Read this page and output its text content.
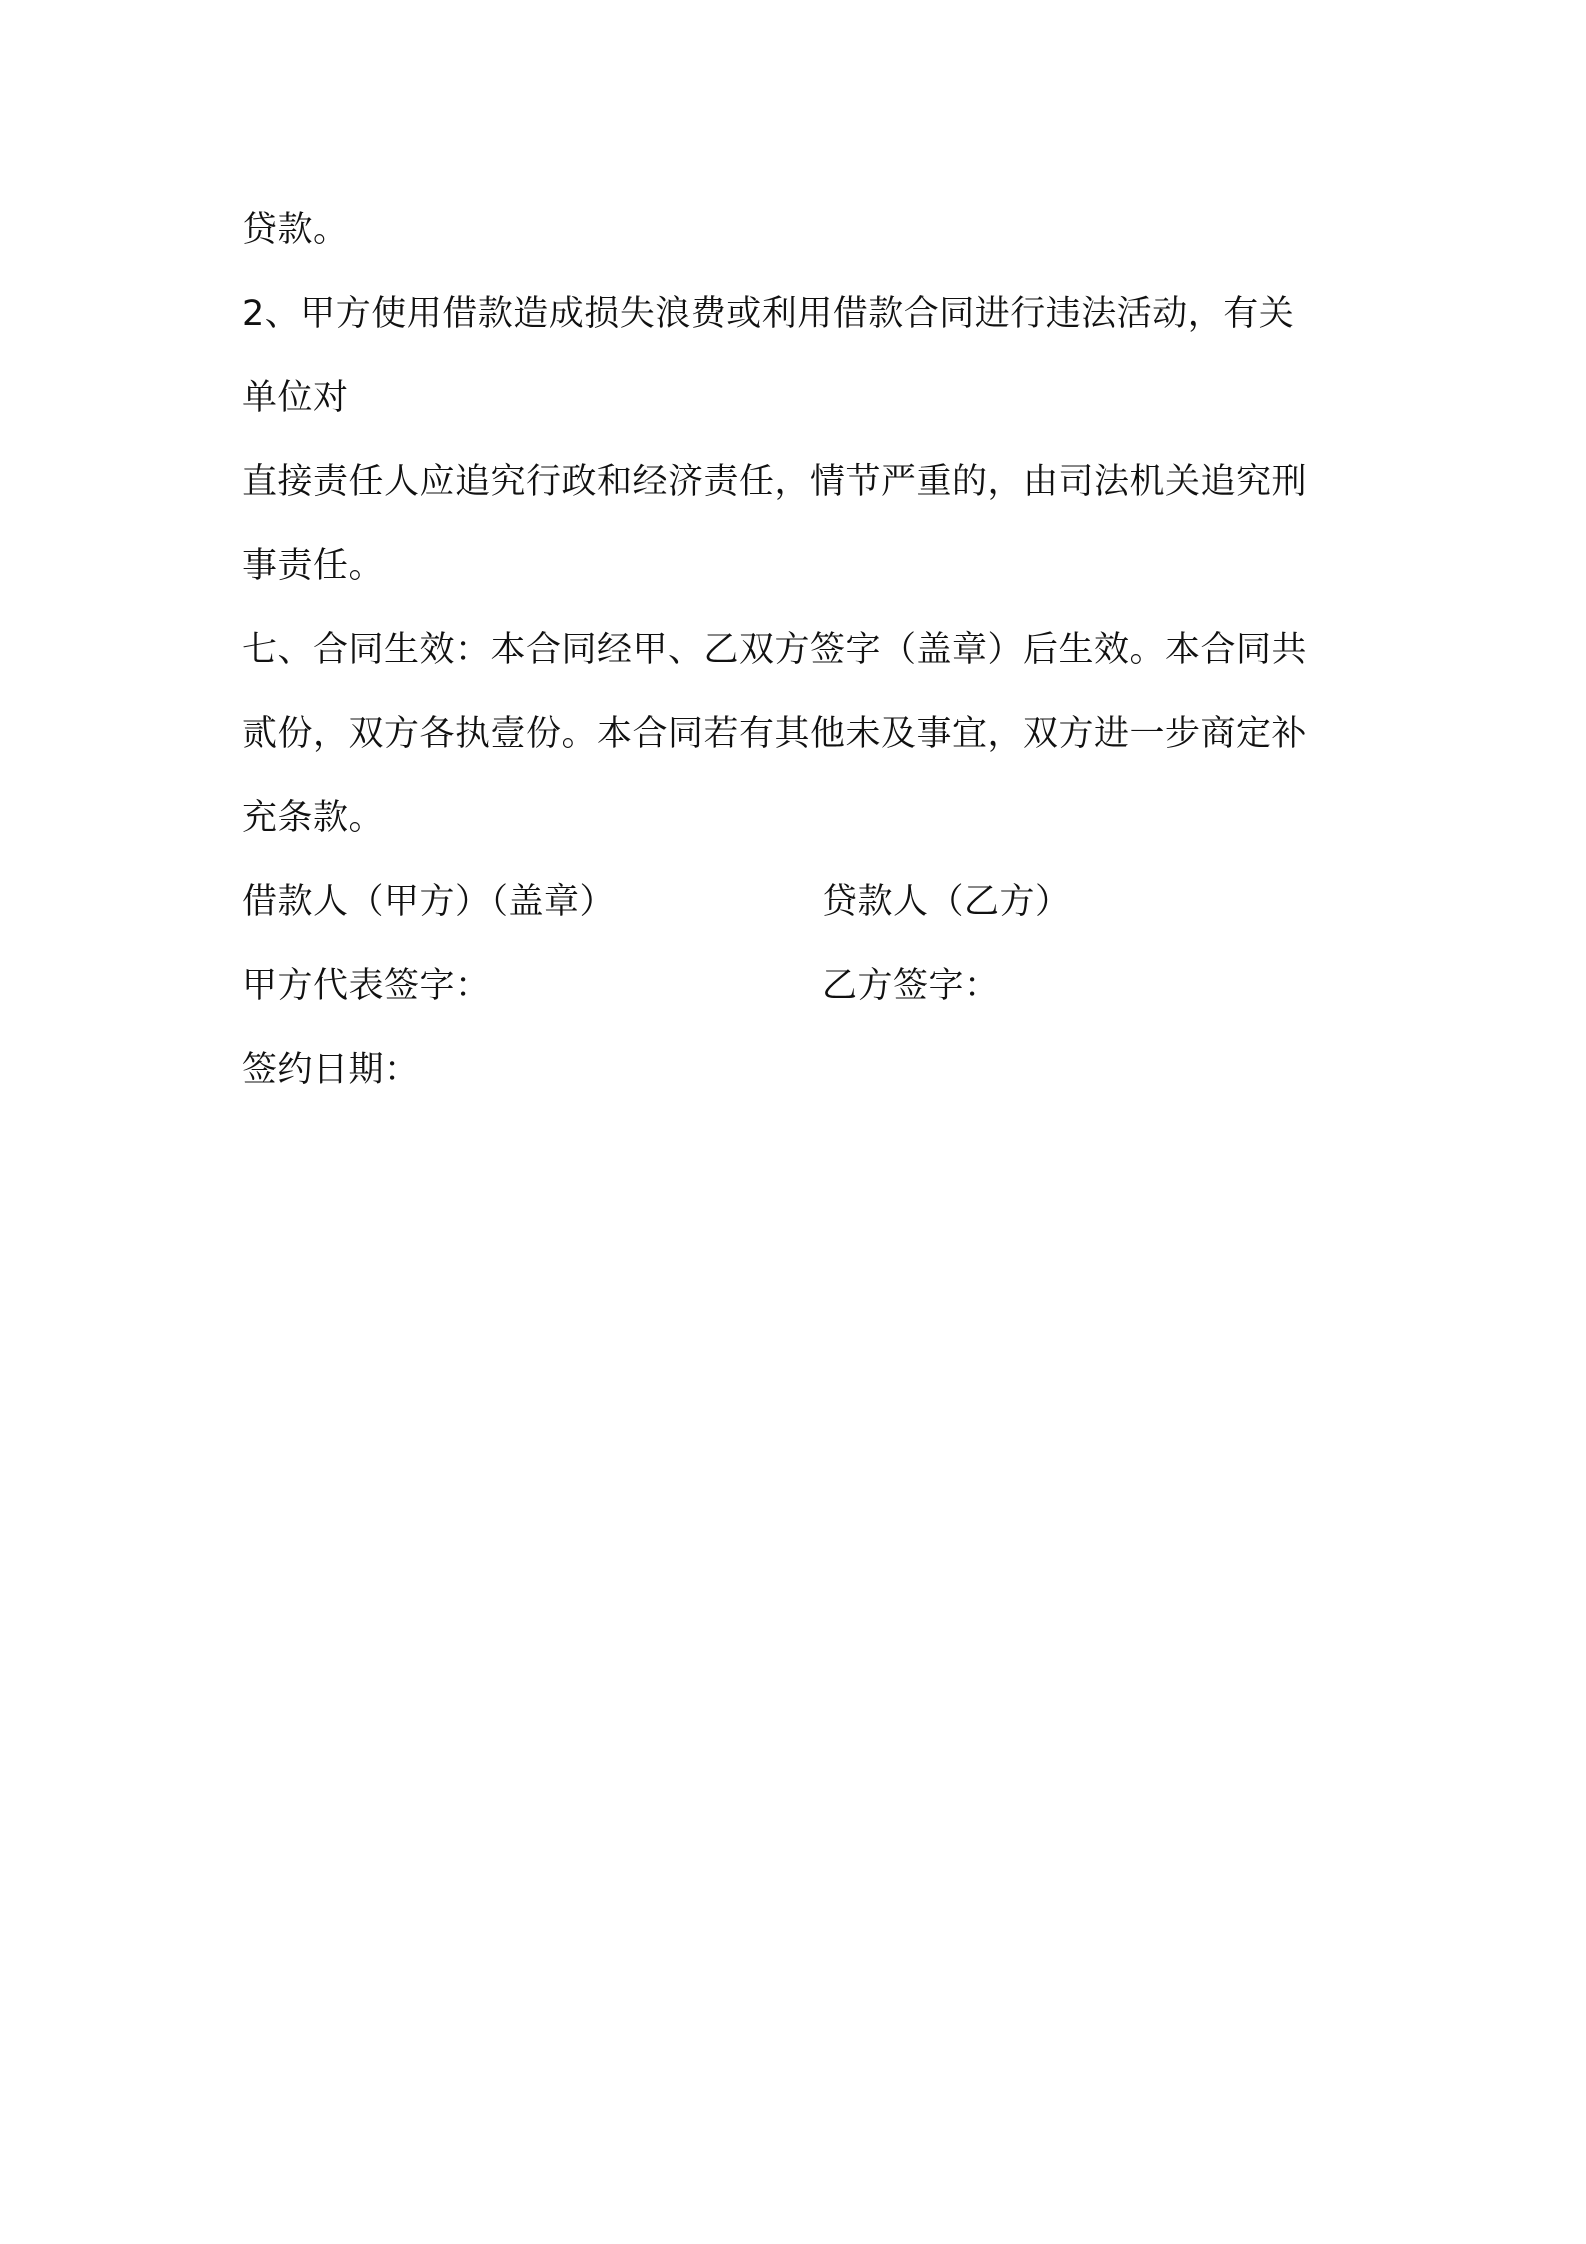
贷款。
2、甲方使用借款造成损失浪费或利用借款合同进行违法活动，有关
单位对
直接责任人应追究行政和经济责任，情节严重的，由司法机关追究刑
事责任。
七、合同生效：本合同经甲、乙双方签字（盖章）后生效。本合同共
贰份，双方各执壹份。本合同若有其他未及事宜，双方进一步商定补
充条款。
借款人（甲方）（盖章）	贷款人（乙方）
甲方代表签字：	乙方签字：
签约日期：
